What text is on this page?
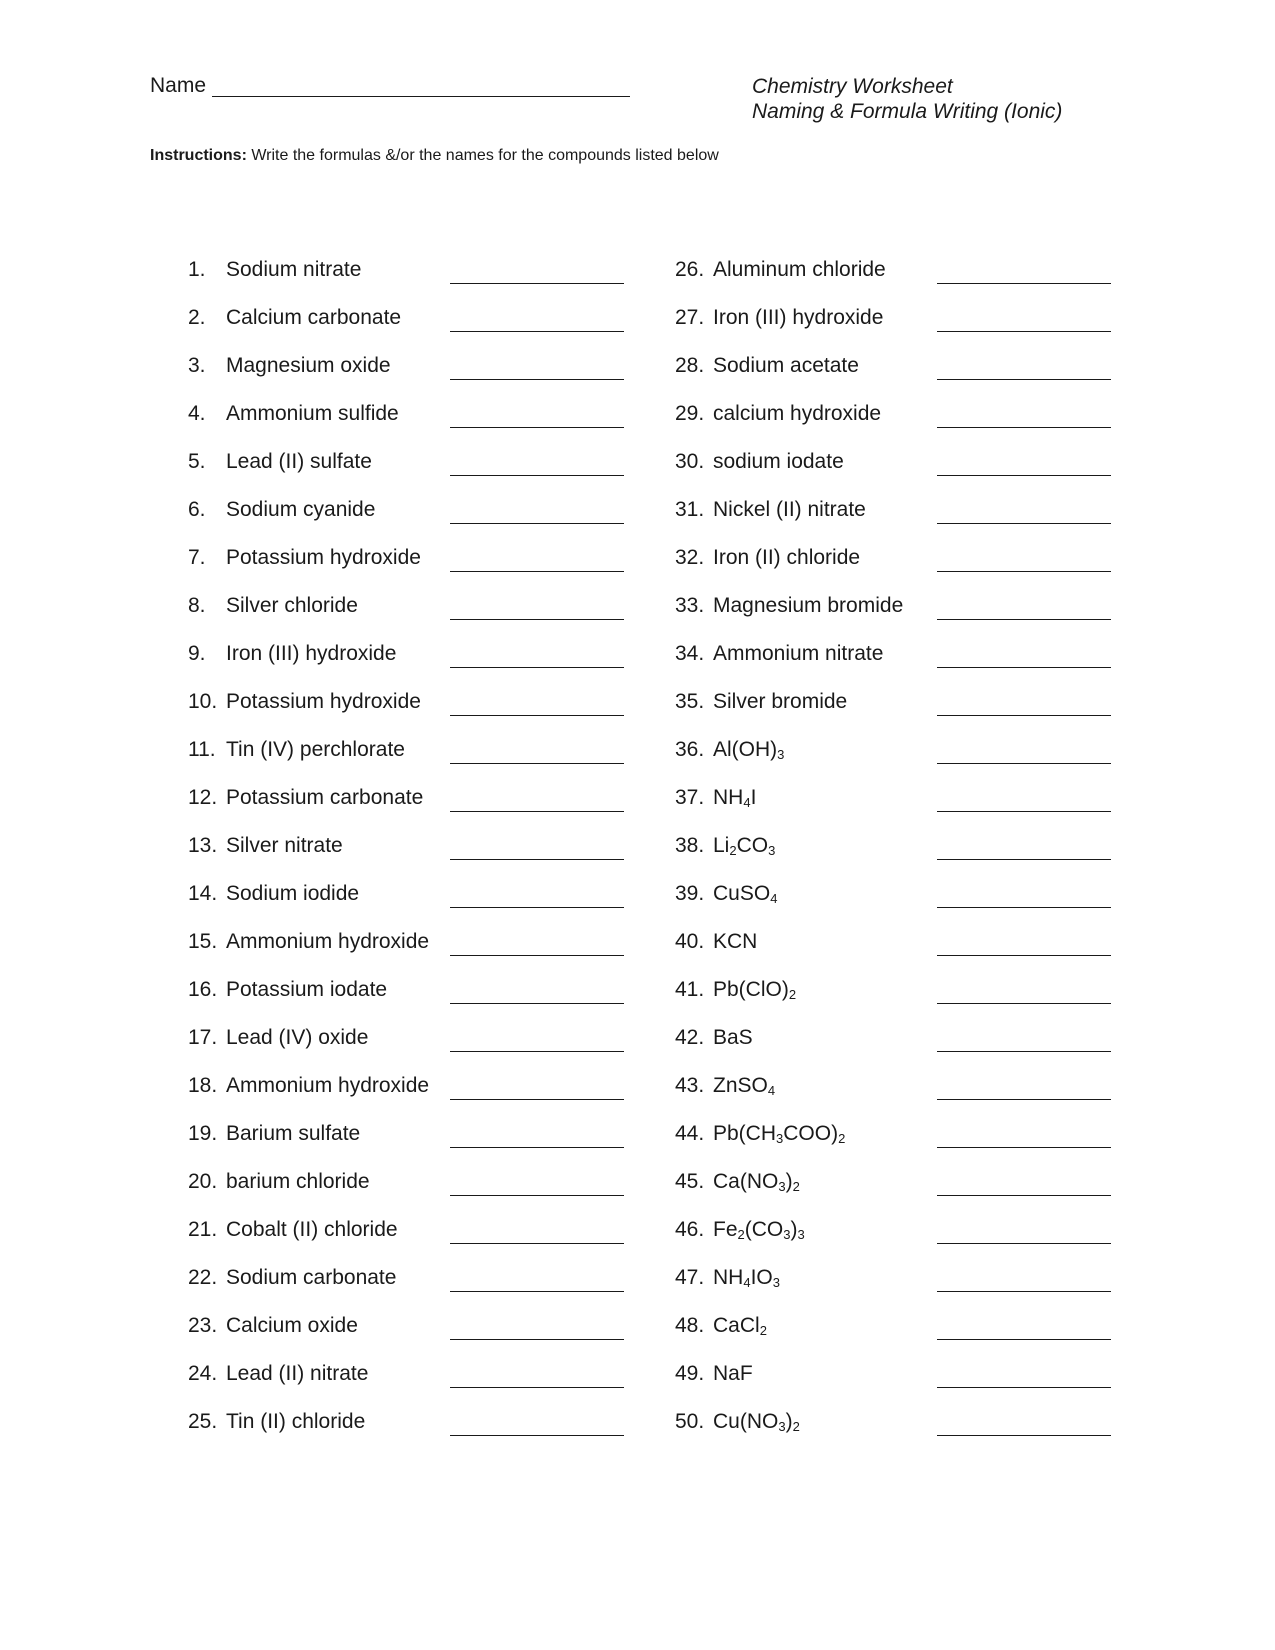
Name	Chemistry Worksheet
Naming & Formula Writing (Ionic)
Instructions: Write the formulas &/or the names for the compounds listed below
1. Sodium nitrate
2. Calcium carbonate
3. Magnesium oxide
4. Ammonium sulfide
5. Lead (II) sulfate
6. Sodium cyanide
7. Potassium hydroxide
8. Silver chloride
9. Iron (III) hydroxide
10. Potassium hydroxide
11. Tin (IV) perchlorate
12. Potassium carbonate
13. Silver nitrate
14. Sodium iodide
15. Ammonium hydroxide
16. Potassium iodate
17. Lead (IV) oxide
18. Ammonium hydroxide
19. Barium sulfate
20. barium chloride
21. Cobalt (II) chloride
22. Sodium carbonate
23. Calcium oxide
24. Lead (II) nitrate
25. Tin (II) chloride
26. Aluminum chloride
27. Iron (III) hydroxide
28. Sodium acetate
29. calcium hydroxide
30. sodium iodate
31. Nickel (II) nitrate
32. Iron (II) chloride
33. Magnesium bromide
34. Ammonium nitrate
35. Silver bromide
36. $Al(OH)_3$
37. $NH_4I$
38. $Li_2CO_3$
39. CuSO$_4$
40. KCN
41. $Pb(ClO)_2$
42. BaS
43. ZnSO$_4$
44. $Pb(CH_3COO)_2$
45. $Ca(NO_3)_2$
46. $Fe_2(CO_3)_3$
47. $NH_4IO_3$
48. CaCl$_2$
49. NaF
50. $Cu(NO_3)_2$
